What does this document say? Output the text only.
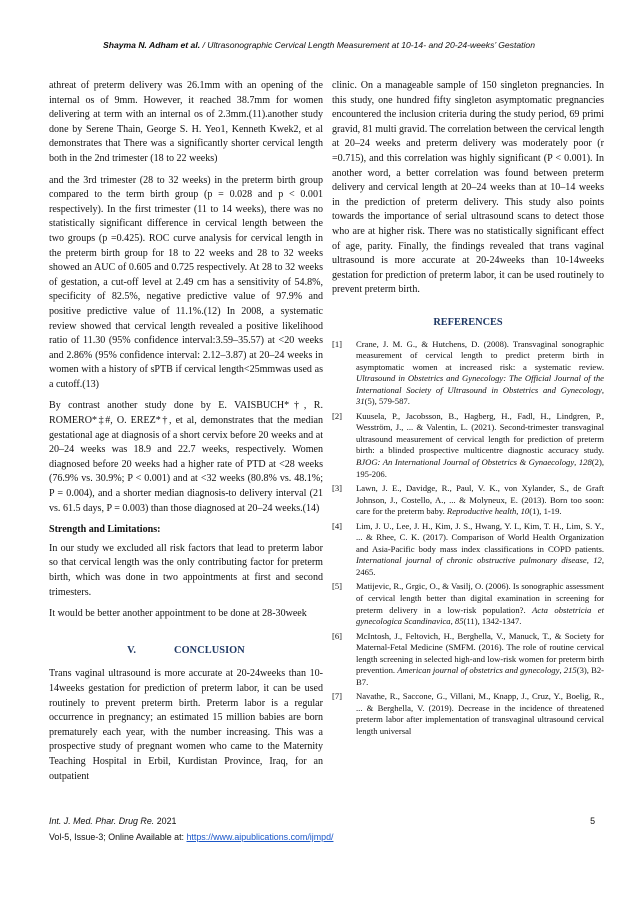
Shayma N. Adham et al. / Ultrasonographic Cervical Length Measurement at 10-14- and 20-24-weeks’ Gestation

athreat of preterm delivery was 26.1mm with an opening of the internal os of 9mm. However, it reached 38.7mm for women delivering at term with an internal os of 2.3mm.(11).another study done by Serene Thain, George S. H. Yeo1, Kenneth Kwek2, et al demonstrates that There was a significantly shorter cervical length both in the 2nd trimester (18 to 22 weeks)

and the 3rd trimester (28 to 32 weeks) in the preterm birth group compared to the term birth group (p = 0.028 and p < 0.001 respectively). In the first trimester (11 to 14 weeks), there was no statistically significant difference in cervical length between the two groups (p =0.425). ROC curve analysis for cervical length in the preterm birth group for 18 to 22 weeks and 28 to 32 weeks showed an AUC of 0.605 and 0.725 respectively. At 28 to 32 weeks of gestation, a cut-off level at 2.49 cm has a sensitivity of 54.8%, specificity of 82.5%, negative predictive value of 97.9% and positive predictive value of 11.1%.(12) In 2008, a systematic review showed that cervical length revealed a positive likelihood ratio of 11.30 (95% confidence interval:3.59–35.57) at <20 weeks and 2.86% (95% confidence interval: 2.12–3.87) at 20–24 weeks in women with a history of sPTB if cervical length<25mmwas used as a cutoff.(13)

By contrast another study done by E. VAISBUCH*†, R. ROMERO*‡#, O. EREZ*†, et al, demonstrates that the median gestational age at diagnosis of a short cervix before 20 weeks and at 20–24 weeks was 18.9 and 22.7 weeks, respectively. Women diagnosed before 20 weeks had a higher rate of PTD at <28 weeks (76.9% vs. 30.9%; P < 0.001) and at <32 weeks (80.8% vs. 48.1%; P = 0.004), and a shorter median diagnosis-to delivery interval (21 vs. 61.5 days, P = 0.003) than those diagnosed at 20–24 weeks.(14)

Strength and Limitations:

In our study we excluded all risk factors that lead to preterm labor so that cervical length was the only contributing factor for preterm birth, which was done in two appointments at first and second trimesters.

It would be better another appointment to be done at 28-30week

V.	CONCLUSION

Trans vaginal ultrasound is more accurate at 20-24weeks than 10-14weeks gestation for prediction of preterm labor, it can be used routinely to prevent preterm birth. Preterm labor is a regular occurrence in pregnancy; an estimated 15 million babies are born prematurely each year, with the number increasing. This was a prospective study of pregnant women who came to the Maternity Teaching Hospital in Erbil, Kurdistan Province, Iraq, for an outpatient

clinic. On a manageable sample of 150 singleton pregnancies. In this study, one hundred fifty singleton asymptomatic pregnancies encountered the inclusion criteria during the study period, 69 primi gravid, 81 multi gravid. The correlation between the cervical length at 20–24 weeks and preterm delivery was moderately poor (r =0.715), and this correlation was highly significant (P < 0.001). In another word, a better correlation was found between preterm delivery and cervical length at 20–24 weeks than at 10–14 weeks in the prediction of preterm delivery. This study also points towards the importance of serial ultrasound scans to detect those who are at higher risk. There was no statistically significant effect of age, parity. Finally, the findings revealed that trans vaginal ultrasound is more accurate at 20-24weeks than 10-14weeks gestation for prediction of preterm labor, it can be used routinely to prevent preterm birth.

REFERENCES
[1] Crane, J. M. G., & Hutchens, D. (2008). Transvaginal sonographic measurement of cervical length to predict preterm birth in asymptomatic women at increased risk: a systematic review. Ultrasound in Obstetrics and Gynecology: The Official Journal of the International Society of Ultrasound in Obstetrics and Gynecology, 31(5), 579-587.
[2] Kuusela, P., Jacobsson, B., Hagberg, H., Fadl, H., Lindgren, P., Wesström, J., ... & Valentin, L. (2021). Second-trimester transvaginal ultrasound measurement of cervical length for prediction of preterm birth: a blinded prospective multicentre diagnostic accuracy study. BJOG: An International Journal of Obstetrics & Gynaecology, 128(2), 195-206.
[3] Lawn, J. E., Davidge, R., Paul, V. K., von Xylander, S., de Graft Johnson, J., Costello, A., ... & Molyneux, E. (2013). Born too soon: care for the preterm baby. Reproductive health, 10(1), 1-19.
[4] Lim, J. U., Lee, J. H., Kim, J. S., Hwang, Y. I., Kim, T. H., Lim, S. Y., ... & Rhee, C. K. (2017). Comparison of World Health Organization and Asia-Pacific body mass index classifications in COPD patients. International journal of chronic obstructive pulmonary disease, 12, 2465.
[5] Matijevic, R., Grgic, O., & Vasilj, O. (2006). Is sonographic assessment of cervical length better than digital examination in screening for preterm delivery in a low-risk population?. Acta obstetricia et gynecologica Scandinavica, 85(11), 1342-1347.
[6] McIntosh, J., Feltovich, H., Berghella, V., Manuck, T., & Society for Maternal-Fetal Medicine (SMFM. (2016). The role of routine cervical length screening in selected high-and low-risk women for preterm birth prevention. American journal of obstetrics and gynecology, 215(3), B2-B7.
[7] Navathe, R., Saccone, G., Villani, M., Knapp, J., Cruz, Y., Boelig, R., ... & Berghella, V. (2019). Decrease in the incidence of threatened preterm labor after implementation of transvaginal ultrasound cervical length universal
Int. J. Med. Phar. Drug Re. 2021	5
Vol-5, Issue-3; Online Available at: https://www.aipublications.com/ijmpd/
